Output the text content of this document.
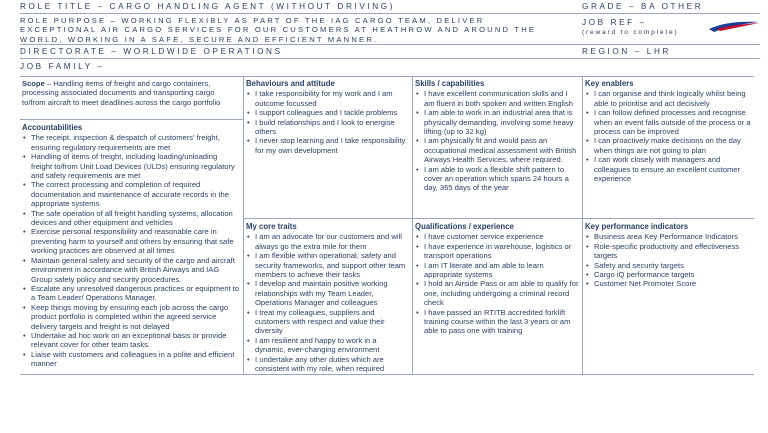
ROLE TITLE – CARGO HANDLING AGENT (WITHOUT DRIVING)	GRADE – BA OTHER
ROLE PURPOSE – WORKING FLEXIBLY AS PART OF THE IAG CARGO TEAM, DELIVER EXCEPTIONAL AIR CARGO SERVICES FOR OUR CUSTOMERS AT HEATHROW AND AROUND THE WORLD, WORKING IN A SAFE, SECURE AND EFFICIENT MANNER.
JOB REF –
(reward to complete)
DIRECTORATE – WORLDWIDE OPERATIONS	REGION – LHR
JOB FAMILY –
Scope – Handling items of freight and cargo containers, processing associated documents and transporting cargo to/from aircraft to meet deadlines across the cargo portfolio
Accountabilities
• The receipt, inspection & despatch of customers' freight, ensuring regulatory requirements are met
• Handling of items of freight, including loading/unloading freight to/from Unit Load Devices (ULDs) ensuring regulatory and safety requirements are met
• The correct processing and completion of required documentation and maintenance of accurate records in the appropriate systems
• The safe operation of all freight handling systems, allocation devices and other equipment and vehicles
• Exercise personal responsibility and reasonable care in preventing harm to yourself and others by ensuring that safe working practices are observed at all times
• Maintain general safety and security of the cargo and aircraft environment in accordance with British Airways and IAG Group safety policy and security procedures.
• Escalate any unresolved dangerous practices or equipment to a Team Leader/ Operations Manager.
• Keep things moving by ensuring each job across the cargo product portfolio is completed within the agreed service delivery targets and freight is not delayed
• Undertake ad hoc work on an exceptional basis or provide relevant cover for other team tasks.
• Liaise with customers and colleagues in a polite and efficient manner
Behaviours and attitude
• I take responsibility for my work and I am outcome focussed
• I support colleagues and I tackle problems
• I build relationships and I look to energise others
• I never stop learning and I take responsibility for my own development
My core traits
• I am an advocate for our customers and will always go the extra mile for them
• I am flexible within operational, safety and security frameworks, and support other team members to achieve their tasks
• I develop and maintain positive working relationships with my Team Leader, Operations Manager and colleagues
• I treat my colleagues, suppliers and customers with respect and value their diversity
• I am resilient and happy to work in a dynamic, ever-changing environment
• I undertake any other duties which are consistent with my role, when required
Skills / capabilities
• I have excellent communication skills and I am fluent in both spoken and written English
• I am able to work in an industrial area that is physically demanding, involving some heavy lifting (up to 32 kg)
• I am physically fit and would pass an occupational medical assessment with British Airways Health Services, where required.
• I am able to work a flexible shift pattern to cover an operation which spans 24 hours a day, 365 days of the year
Qualifications / experience
• I have customer service experience
• I have experience in warehouse, logistics or transport operations
• I am IT literate and am able to learn appropriate systems
• I hold an Airside Pass or am able to qualify for one, including undergoing a criminal record check
• I have passed an RTITB accredited forklift training course within the last 3 years or am able to pass one with training
Key enablers
• I can organise and think logically whilst being able to prioritise and act decisively
• I can follow defined processes and recognise when an event falls outside of the process or a process can be improved
• I can proactively make decisions on the day when things are not going to plan
• I can work closely with managers and colleagues to ensure an excellent customer experience
Key performance indicators
• Business area Key Performance Indicators
• Role-specific productivity and effectiveness targets
• Safety and security targets
• Cargo iQ performance targets
• Customer Net Promoter Score
